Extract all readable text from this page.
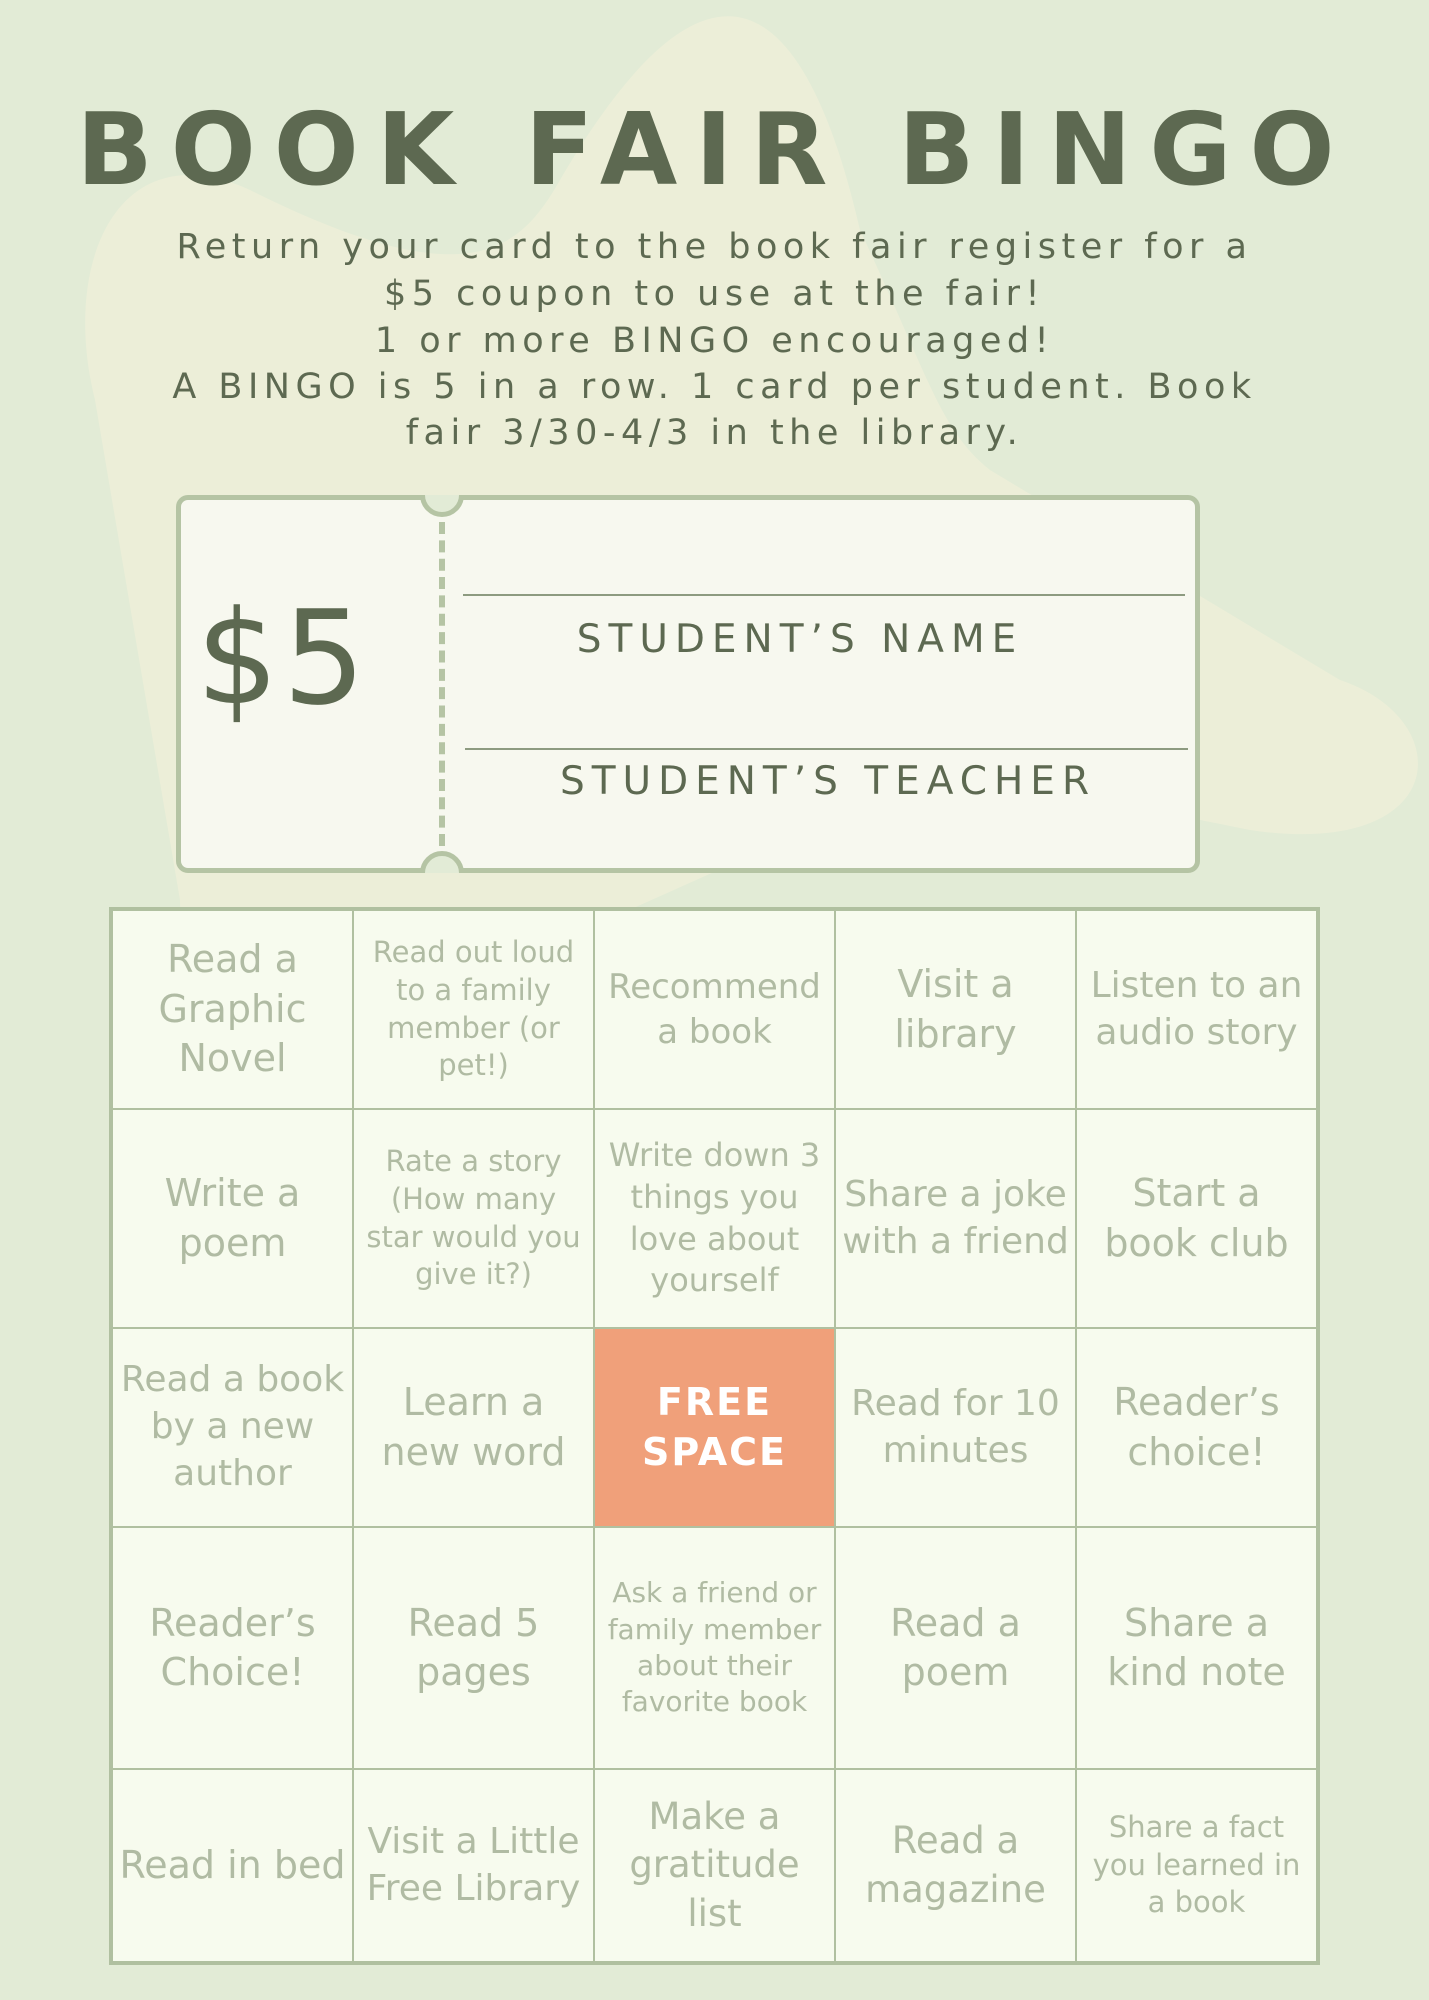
BOOK FAIR BINGO

Return your card to the book fair register for a

$5 coupon to use at the fair!

1 or more BINGO encouraged!

A BINGO is 5 in a row. 1 card per student. Book

fair 3/30-4/3 in the library.

$5	STUDENT’S NAME
STUDENT’S TEACHER
Read a Graphic Novel
Read out loud to a family member (or pet!)
Recommend a book
Visit a library
Listen to an audio story
Write a poem
Rate a story (How many star would you give it?)
Write down 3 things you love about yourself
Share a joke with a friend
Start a book club
Read a book by a new author
Learn a new word
FREE SPACE
Read for 10 minutes
Reader’s choice!
Reader’s Choice!
Read 5 pages
Ask a friend or family member about their favorite book
Read a poem
Share a kind note
Read in bed
Visit a Little Free Library
Make a gratitude list
Read a magazine
Share a fact you learned in a book
